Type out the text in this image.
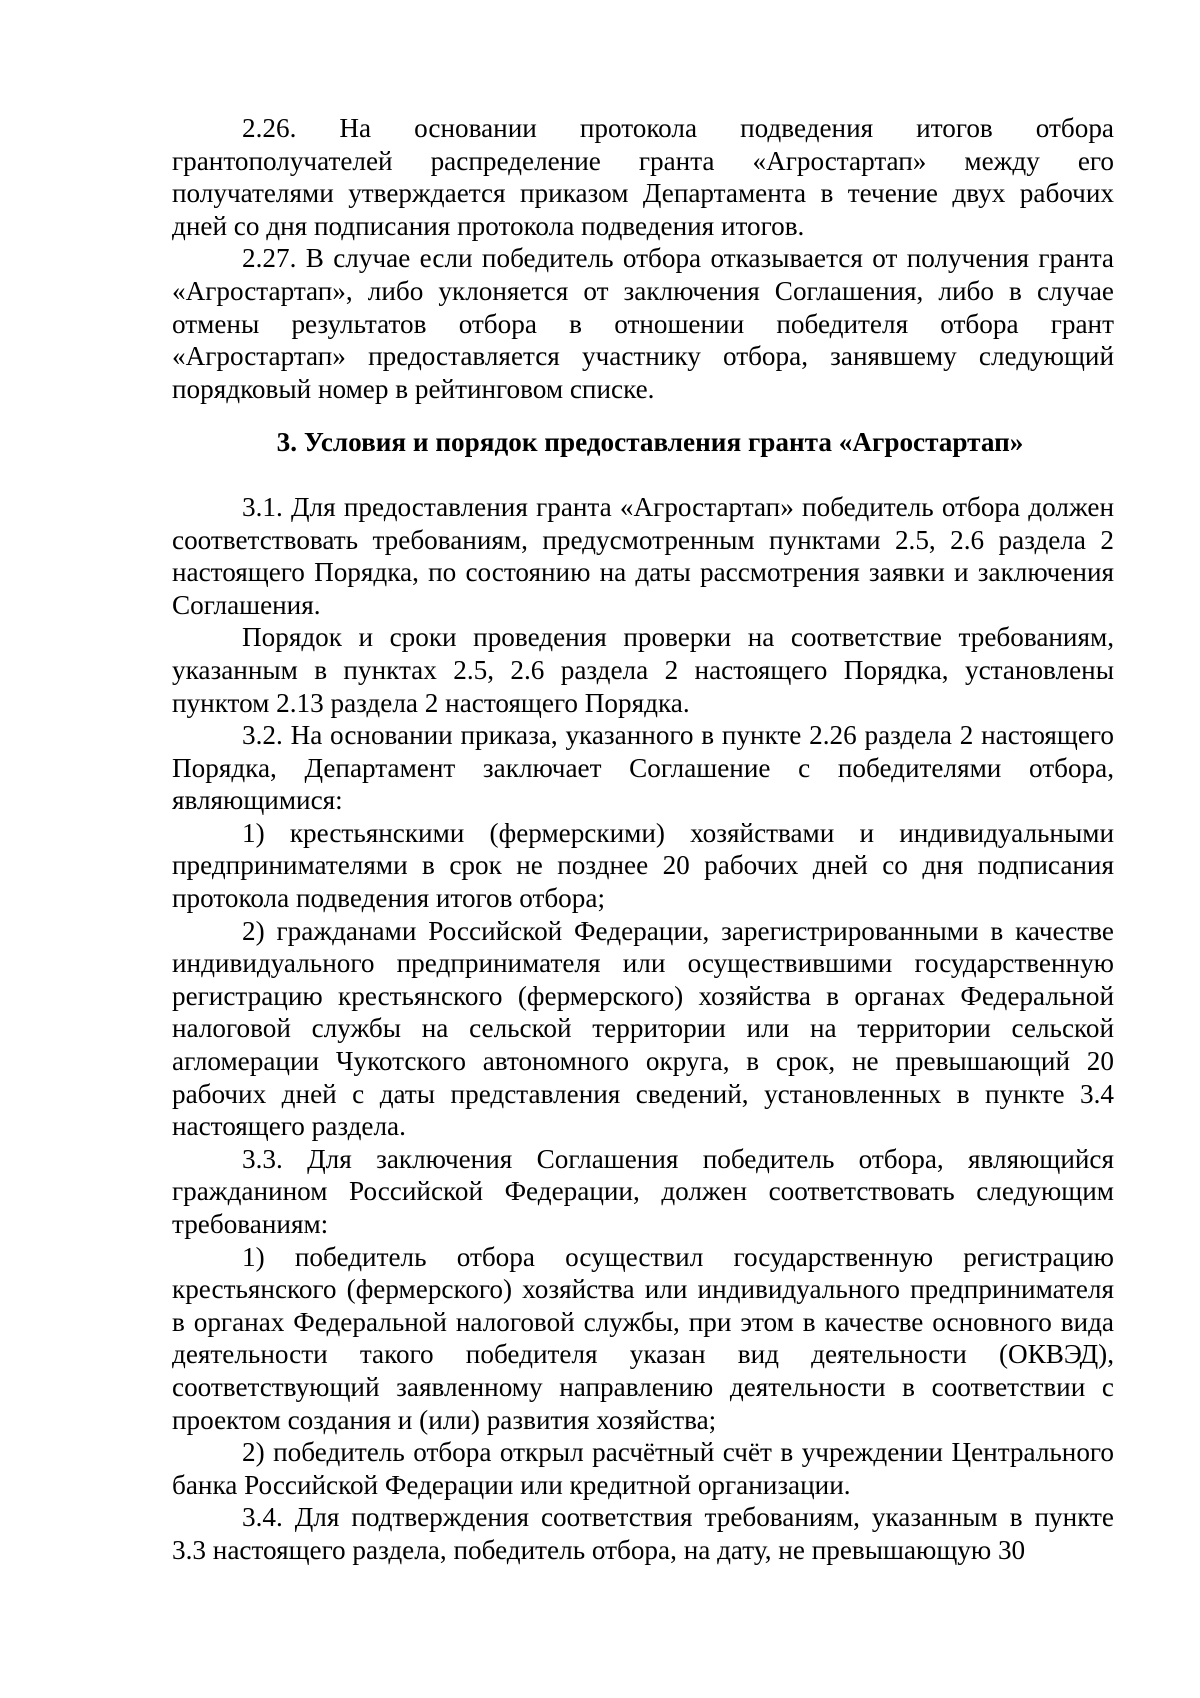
2.26. На основании протокола подведения итогов отбора грантополучателей распределение гранта «Агростартап» между его получателями утверждается приказом Департамента в течение двух рабочих дней со дня подписания протокола подведения итогов.

2.27. В случае если победитель отбора отказывается от получения гранта «Агростартап», либо уклоняется от заключения Соглашения, либо в случае отмены результатов отбора в отношении победителя отбора грант «Агростартап» предоставляется участнику отбора, занявшему следующий порядковый номер в рейтинговом списке.

3. Условия и порядок предоставления гранта «Агростартап»

3.1. Для предоставления гранта «Агростартап» победитель отбора должен соответствовать требованиям, предусмотренным пунктами 2.5, 2.6 раздела 2 настоящего Порядка, по состоянию на даты рассмотрения заявки и заключения Соглашения.

Порядок и сроки проведения проверки на соответствие требованиям, указанным в пунктах 2.5, 2.6 раздела 2 настоящего Порядка, установлены пунктом 2.13 раздела 2 настоящего Порядка.

3.2. На основании приказа, указанного в пункте 2.26 раздела 2 настоящего Порядка, Департамент заключает Соглашение с победителями отбора, являющимися:

1) крестьянскими (фермерскими) хозяйствами и индивидуальными предпринимателями в срок не позднее 20 рабочих дней со дня подписания протокола подведения итогов отбора;

2) гражданами Российской Федерации, зарегистрированными в качестве индивидуального предпринимателя или осуществившими государственную регистрацию крестьянского (фермерского) хозяйства в органах Федеральной налоговой службы на сельской территории или на территории сельской агломерации Чукотского автономного округа, в срок, не превышающий 20 рабочих дней с даты представления сведений, установленных в пункте 3.4 настоящего раздела.

3.3. Для заключения Соглашения победитель отбора, являющийся гражданином Российской Федерации, должен соответствовать следующим требованиям:

1) победитель отбора осуществил государственную регистрацию крестьянского (фермерского) хозяйства или индивидуального предпринимателя в органах Федеральной налоговой службы, при этом в качестве основного вида деятельности такого победителя указан вид деятельности (ОКВЭД), соответствующий заявленному направлению деятельности в соответствии с проектом создания и (или) развития хозяйства;

2) победитель отбора открыл расчётный счёт в учреждении Центрального банка Российской Федерации или кредитной организации.

3.4. Для подтверждения соответствия требованиям, указанным в пункте 3.3 настоящего раздела, победитель отбора, на дату, не превышающую 30
